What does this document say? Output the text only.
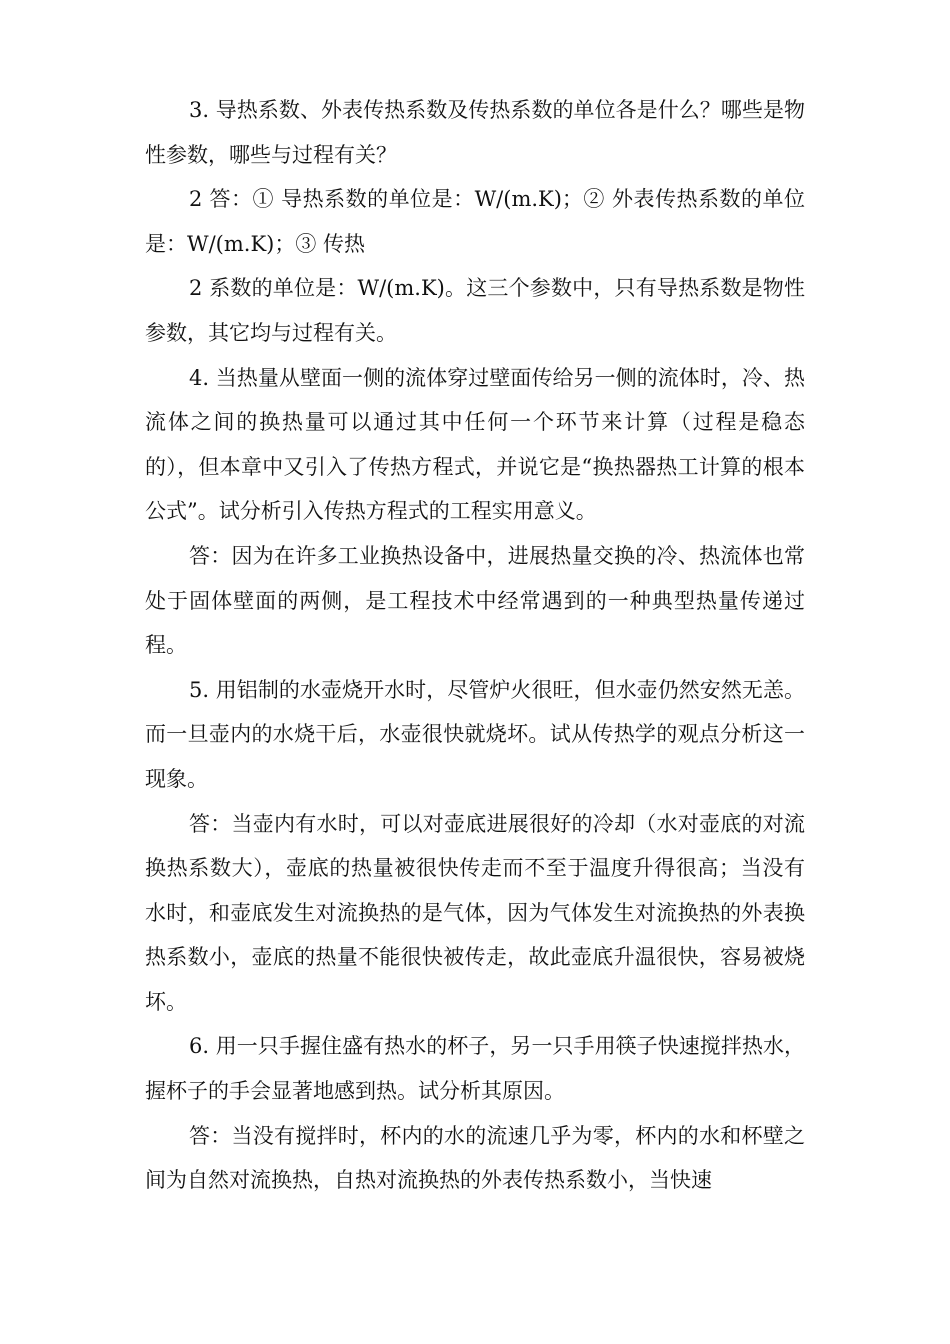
3. 导热系数、外表传热系数及传热系数的单位各是什么？哪些是物性参数，哪些与过程有关？

2 答：① 导热系数的单位是：W/(m.K)；② 外表传热系数的单位是：W/(m.K)；③ 传热

2 系数的单位是：W/(m.K)。这三个参数中，只有导热系数是物性参数，其它均与过程有关。

4. 当热量从壁面一侧的流体穿过壁面传给另一侧的流体时，冷、热流体之间的换热量可以通过其中任何一个环节来计算（过程是稳态的），但本章中又引入了传热方程式，并说它是“换热器热工计算的根本公式”。试分析引入传热方程式的工程实用意义。

答：因为在许多工业换热设备中，进展热量交换的冷、热流体也常处于固体壁面的两侧，是工程技术中经常遇到的一种典型热量传递过程。

5. 用铝制的水壶烧开水时，尽管炉火很旺，但水壶仍然安然无恙。而一旦壶内的水烧干后，水壶很快就烧坏。试从传热学的观点分析这一现象。

答：当壶内有水时，可以对壶底进展很好的冷却（水对壶底的对流换热系数大），壶底的热量被很快传走而不至于温度升得很高；当没有水时，和壶底发生对流换热的是气体，因为气体发生对流换热的外表换热系数小，壶底的热量不能很快被传走，故此壶底升温很快，容易被烧坏。

6. 用一只手握住盛有热水的杯子，另一只手用筷子快速搅拌热水，握杯子的手会显著地感到热。试分析其原因。

答：当没有搅拌时，杯内的水的流速几乎为零，杯内的水和杯壁之间为自然对流换热，自热对流换热的外表传热系数小，当快速
